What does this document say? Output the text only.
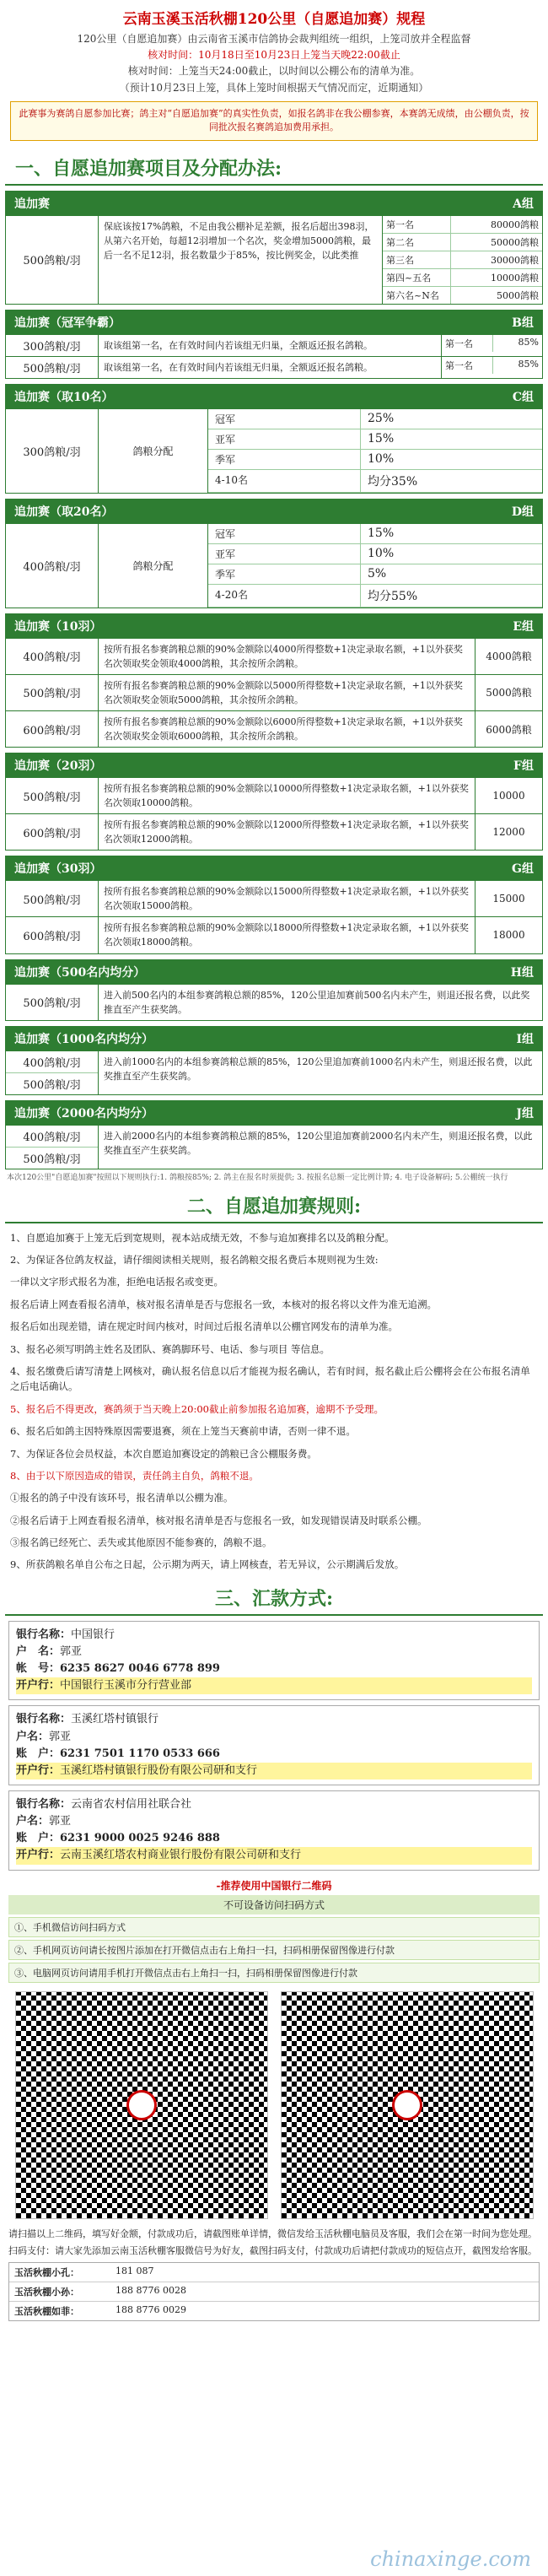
云南玉溪玉活秋棚120公里（自愿追加赛）规程
120公里（自愿追加赛）由云南省玉溪市信鸽协会裁判组统一组织，上笼司放并全程监督
核对时间：10月18日至10月23日上笼当天晚22:00截止
核对时间：上笼当天24:00截止，以时间以公棚公布的清单为准。
（预计10月23日上笼，具体上笼时间根据天气情况而定，近期通知）
此赛事为赛鸽自愿参加比赛；鸽主对“自愿追加赛”的真实性负责，如报名鸽非在我公棚参赛，本赛鸽无成绩，由公棚负责，按同批次报名赛鸽追加费用承担。
一、自愿追加赛项目及分配办法:
追加赛	A组
500鸽粮/羽
保底该按17%鸽粮，不足由我公棚补足差额，报名后超出398羽，从第六名开始，每超12羽增加一个名次，奖金增加5000鸽粮，最后一名不足12羽，报名数量少于85%，按比例奖金，以此类推
第一名	80000鸽粮
第二名	50000鸽粮
第三名	30000鸽粮
第四~五名	10000鸽粮
第六名~N名	5000鸽粮
追加赛（冠军争霸）	B组
300鸽粮/羽	取该组第一名，在有效时间内若该组无归巢，全额返还报名鸽粮。	第一名	85%
500鸽粮/羽	取该组第一名，在有效时间内若该组无归巢，全额返还报名鸽粮。	第一名	85%
追加赛（取10名）	C组
300鸽粮/羽	鸽粮分配
冠军	25%
亚军	15%
季军	10%
4-10名	均分35%
追加赛（取20名）	D组
400鸽粮/羽	鸽粮分配
冠军	15%
亚军	10%
季军	5%
4-20名	均分55%
追加赛（10羽）	E组
400鸽粮/羽
按所有报名参赛鸽粮总额的90%金额除以4000所得整数+1决定录取名额，+1以外获奖名次领取奖金领取4000鸽粮，其余按所余鸽粮。
4000鸽粮
500鸽粮/羽
按所有报名参赛鸽粮总额的90%金额除以5000所得整数+1决定录取名额，+1以外获奖名次领取奖金领取5000鸽粮，其余按所余鸽粮。
5000鸽粮
600鸽粮/羽
按所有报名参赛鸽粮总额的90%金额除以6000所得整数+1决定录取名额，+1以外获奖名次领取奖金领取6000鸽粮，其余按所余鸽粮。
6000鸽粮
追加赛（20羽）	F组
500鸽粮/羽
按所有报名参赛鸽粮总额的90%金额除以10000所得整数+1决定录取名额，+1以外获奖名次领取10000鸽粮。
10000
600鸽粮/羽
按所有报名参赛鸽粮总额的90%金额除以12000所得整数+1决定录取名额，+1以外获奖名次领取12000鸽粮。
12000
追加赛（30羽）	G组
500鸽粮/羽
按所有报名参赛鸽粮总额的90%金额除以15000所得整数+1决定录取名额，+1以外获奖名次领取15000鸽粮。
15000
600鸽粮/羽
按所有报名参赛鸽粮总额的90%金额除以18000所得整数+1决定录取名额，+1以外获奖名次领取18000鸽粮。
18000
追加赛（500名内均分）	H组
500鸽粮/羽
进入前500名内的本组参赛鸽粮总额的85%，120公里追加赛前500名内未产生，则退还报名费，以此奖推直至产生获奖鸽。
追加赛（1000名内均分）	I组
400鸽粮/羽
500鸽粮/羽
进入前1000名内的本组参赛鸽粮总额的85%，120公里追加赛前1000名内未产生，则退还报名费，以此奖推直至产生获奖鸽。
追加赛（2000名内均分）	J组
400鸽粮/羽
500鸽粮/羽
进入前2000名内的本组参赛鸽粮总额的85%，120公里追加赛前2000名内未产生，则退还报名费，以此奖推直至产生获奖鸽。
本次120公里"自愿追加赛"按照以下规则执行:1. 鸽粮按85%; 2. 鸽主在报名时须提供; 3. 按报名总额一定比例计算; 4. 电子设备解码; 5.公棚统一执行
二、自愿追加赛规则:
1、自愿追加赛于上笼无后到宽规则，视本站成绩无效，不参与追加赛排名以及鸽粮分配。
2、为保证各位鸽友权益，请仔细阅读相关规则，报名鸽粮交报名费后本规则视为生效:
一律以文字形式报名为准，拒绝电话报名或变更。
报名后请上网查看报名清单，核对报名清单是否与您报名一致，本核对的报名将以文件为准无追溯。
报名后如出现差错，请在规定时间内核对，时间过后报名清单以公棚官网发布的清单为准。
3、报名必须写明鸽主姓名及团队、赛鸽脚环号、电话、参与项目 等信息。
4、报名缴费后请写清楚上网核对，确认报名信息以后才能视为报名确认，若有时间，报名截止后公棚将会在公布报名清单之后电话确认。
5、报名后不得更改，赛鸽须于当天晚上20:00截止前参加报名追加赛，逾期不予受理。
6、报名后如鸽主因特殊原因需要退赛，须在上笼当天赛前申请，否则一律不退。
7、为保证各位会员权益，本次自愿追加赛设定的鸽粮已含公棚服务费。
8、由于以下原因造成的错误，责任鸽主自负，鸽粮不退。
①报名的鸽子中没有该环号，报名清单以公棚为准。
②报名后请于上网查看报名清单，核对报名清单是否与您报名一致，如发现错误请及时联系公棚。
③报名鸽已经死亡、丢失或其他原因不能参赛的，鸽粮不退。
9、所获鸽粮名单自公布之日起，公示期为两天，请上网核查，若无异议，公示期满后发放。
三、汇款方式:
银行名称：中国银行
户　名：郭亚
帐　号：6235 8627 0046 6778 899
开户行：中国银行玉溪市分行营业部
银行名称：玉溪红塔村镇银行
户名：郭亚
账　户：6231 7501 1170 0533 666
开户行：玉溪红塔村镇银行股份有限公司研和支行
银行名称：云南省农村信用社联合社
户名：郭亚
账　户：6231 9000 0025 9246 888
开户行：云南玉溪红塔农村商业银行股份有限公司研和支行
-推荐使用中国银行二维码
不可设备访问扫码方式
①、手机微信访问扫码方式
②、手机网页访问请长按图片添加在打开微信点击右上角扫一扫，扫码相册保留图像进行付款
③、电脑网页访问请用手机打开微信点击右上角扫一扫，扫码相册保留图像进行付款
请扫描以上二维码，填写好金额，付款成功后，请截图账单详情，微信发给玉活秋棚电脑员及客服，我们会在第一时间为您处理。
扫码支付：请大家先添加云南玉活秋棚客服微信号为好友，截图扫码支付，付款成功后请把付款成功的短信点开，截图发给客服。
玉活秋棚小孔：	181 087
玉活秋棚小孙：	188 8776 0028
玉活秋棚如菲：	188 8776 0029
chinaxinge.com
